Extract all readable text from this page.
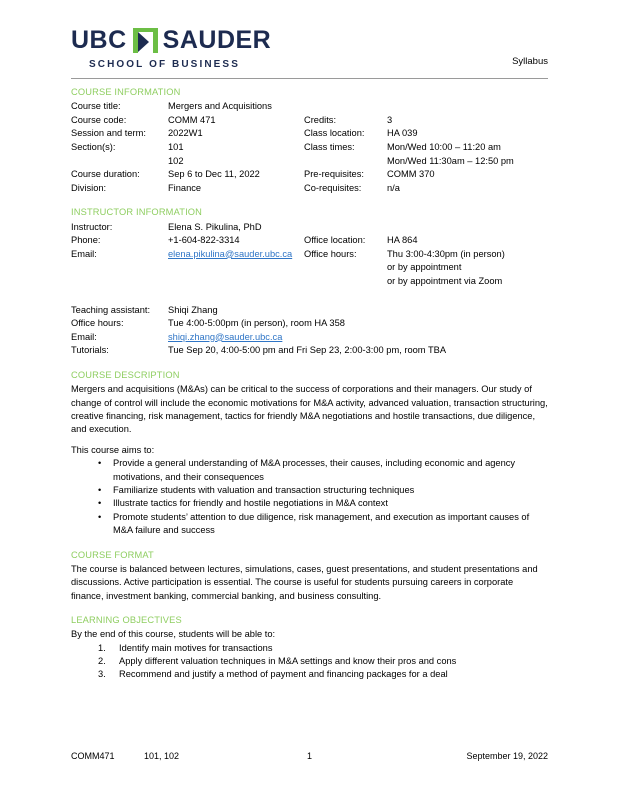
UBC SAUDER
SCHOOL OF BUSINESS	Syllabus
COURSE INFORMATION
Course title:	Mergers and Acquisitions
Course code:	COMM 471	Credits:	3
Session and term:	2022W1	Class location:	HA 039
Section(s):	101	Class times:	Mon/Wed 10:00 – 11:20 am
102	Mon/Wed 11:30am – 12:50 pm
Course duration:	Sep 6 to Dec 11, 2022	Pre-requisites:	COMM 370
Division:	Finance	Co-requisites:	n/a
INSTRUCTOR INFORMATION
Instructor:	Elena S. Pikulina, PhD
Phone:	+1-604-822-3314	Office location:	HA 864
Email:	elena.pikulina@sauder.ubc.ca	Office hours:	Thu 3:00-4:30pm (in person)
or by appointment
or by appointment via Zoom
Teaching assistant:	Shiqi Zhang
Office hours:	Tue 4:00-5:00pm (in person), room HA 358
Email:	shiqi.zhang@sauder.ubc.ca
Tutorials:	Tue Sep 20, 4:00-5:00 pm and Fri Sep 23, 2:00-3:00 pm, room TBA
COURSE DESCRIPTION

Mergers and acquisitions (M&As) can be critical to the success of corporations and their managers. Our study of change of control will include the economic motivations for M&A activity, advanced valuation, transaction structuring, creative financing, risk management, tactics for friendly M&A negotiations and hostile transactions, due diligence, and execution.

This course aims to:

• Provide a general understanding of M&A processes, their causes, including economic and agency motivations, and their consequences
• Familiarize students with valuation and transaction structuring techniques
• Illustrate tactics for friendly and hostile negotiations in M&A context
• Promote students’ attention to due diligence, risk management, and execution as important causes of M&A failure and success
COURSE FORMAT

The course is balanced between lectures, simulations, cases, guest presentations, and student presentations and discussions. Active participation is essential. The course is useful for students pursuing careers in corporate finance, investment banking, commercial banking, and business consulting.

LEARNING OBJECTIVES

By the end of this course, students will be able to:

Identify main motives for transactions
Apply different valuation techniques in M&A settings and know their pros and cons
Recommend and justify a method of payment and financing packages for a deal
COMM471	101, 102	1	September 19, 2022
